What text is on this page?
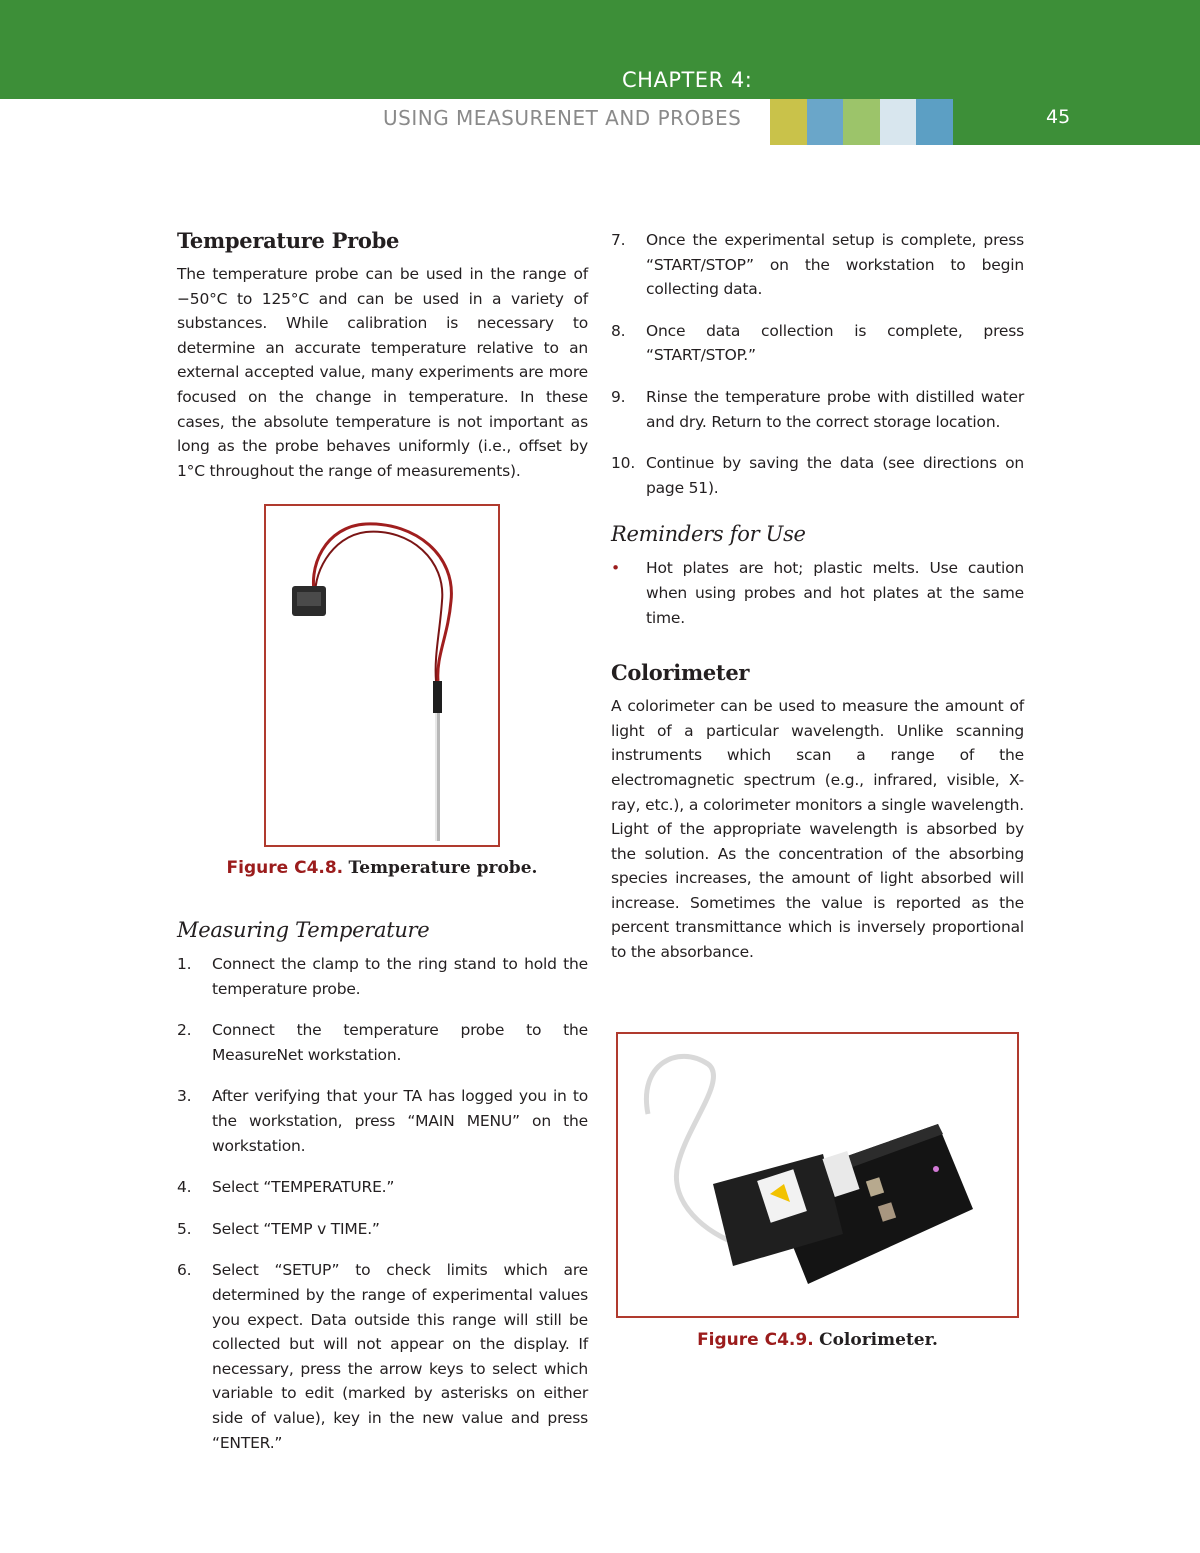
CHAPTER 4:
USING MEASURENET AND PROBES	45
Temperature Probe

The temperature probe can be used in the range of −50°C to 125°C and can be used in a variety of substances. While calibration is necessary to determine an accurate temperature relative to an external accepted value, many experiments are more focused on the change in temperature. In these cases, the absolute temperature is not important as long as the probe behaves uniformly (i.e., offset by 1°C throughout the range of measurements).

Figure C4.8. Temperature probe.
Measuring Temperature
1.	Connect the clamp to the ring stand to hold the temperature probe.
2.	Connect the temperature probe to the MeasureNet workstation.
3.	After verifying that your TA has logged you in to the workstation, press “MAIN MENU” on the workstation.
4.	Select “TEMPERATURE.”
5.	Select “TEMP v TIME.”
6.	Select “SETUP” to check limits which are determined by the range of experimental values you expect. Data outside this range will still be collected but will not appear on the display. If necessary, press the arrow keys to select which variable to edit (marked by asterisks on either side of value), key in the new value and press “ENTER.”
7.	Once the experimental setup is complete, press “START/STOP” on the workstation to begin collecting data.
8.	Once data collection is complete, press “START/STOP.”
9.	Rinse the temperature probe with distilled water and dry. Return to the correct storage location.
10. Continue by saving the data (see directions on page 51).
Reminders for Use
•	Hot plates are hot; plastic melts. Use caution when using probes and hot plates at the same time.
Colorimeter

A colorimeter can be used to measure the amount of light of a particular wavelength. Unlike scanning instruments which scan a range of the electromagnetic spectrum (e.g., infrared, visible, X-ray, etc.), a colorimeter monitors a single wavelength. Light of the appropriate wavelength is absorbed by the solution. As the concentration of the absorbing species increases, the amount of light absorbed will increase. Sometimes the value is reported as the percent transmittance which is inversely proportional to the absorbance.

Figure C4.9. Colorimeter.
